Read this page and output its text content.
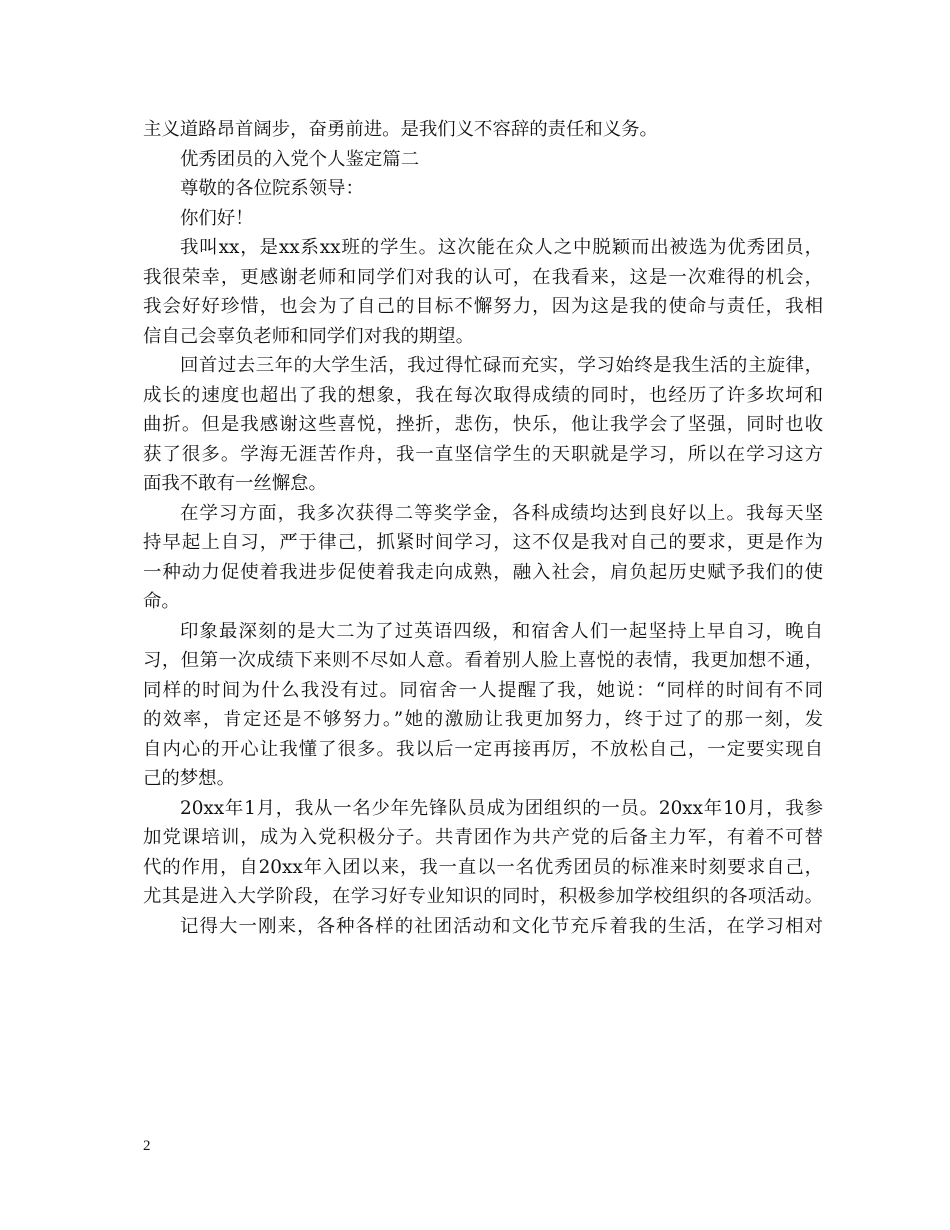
主义道路昂首阔步，奋勇前进。是我们义不容辞的责任和义务。
优秀团员的入党个人鉴定篇二
尊敬的各位院系领导：
你们好！
我叫xx，是xx系xx班的学生。这次能在众人之中脱颖而出被选为优秀团员，
我很荣幸，更感谢老师和同学们对我的认可，在我看来，这是一次难得的机会，
我会好好珍惜，也会为了自己的目标不懈努力，因为这是我的使命与责任，我相
信自己会辜负老师和同学们对我的期望。
回首过去三年的大学生活，我过得忙碌而充实，学习始终是我生活的主旋律，
成长的速度也超出了我的想象，我在每次取得成绩的同时，也经历了许多坎坷和
曲折。但是我感谢这些喜悦，挫折，悲伤，快乐，他让我学会了坚强，同时也收
获了很多。学海无涯苦作舟，我一直坚信学生的天职就是学习，所以在学习这方
面我不敢有一丝懈怠。
在学习方面，我多次获得二等奖学金，各科成绩均达到良好以上。我每天坚
持早起上自习，严于律己，抓紧时间学习，这不仅是我对自己的要求，更是作为
一种动力促使着我进步促使着我走向成熟，融入社会，肩负起历史赋予我们的使
命。
印象最深刻的是大二为了过英语四级，和宿舍人们一起坚持上早自习，晚自
习，但第一次成绩下来则不尽如人意。看着别人脸上喜悦的表情，我更加想不通，
同样的时间为什么我没有过。同宿舍一人提醒了我，她说：“同样的时间有不同
的效率，肯定还是不够努力。”她的激励让我更加努力，终于过了的那一刻，发
自内心的开心让我懂了很多。我以后一定再接再厉，不放松自己，一定要实现自
己的梦想。
20xx年1月，我从一名少年先锋队员成为团组织的一员。20xx年10月，我参
加党课培训，成为入党积极分子。共青团作为共产党的后备主力军，有着不可替
代的作用，自20xx年入团以来，我一直以一名优秀团员的标准来时刻要求自己，
尤其是进入大学阶段，在学习好专业知识的同时，积极参加学校组织的各项活动。
记得大一刚来，各种各样的社团活动和文化节充斥着我的生活，在学习相对
2
